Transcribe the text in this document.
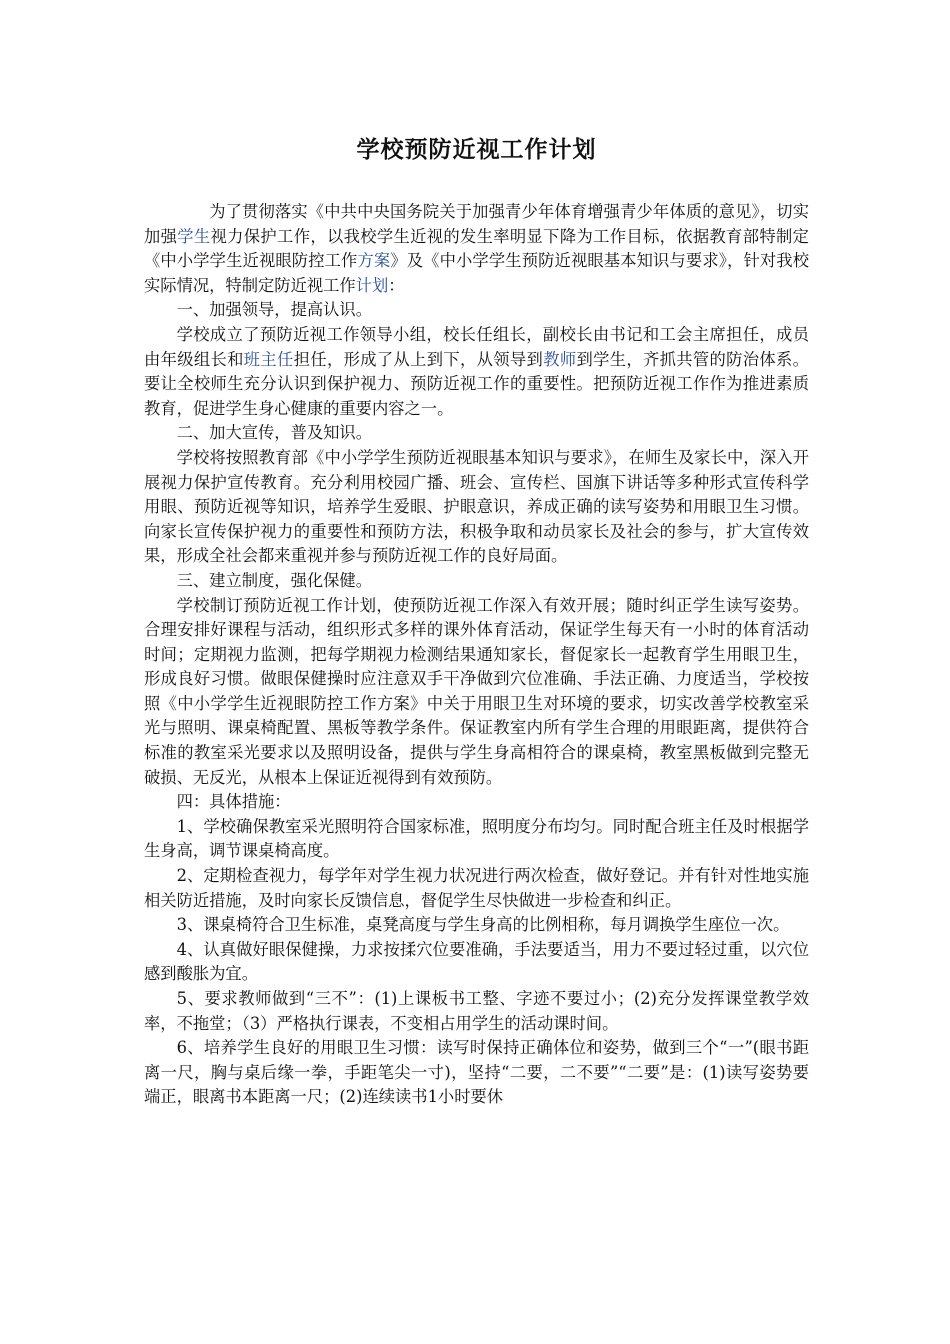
学校预防近视工作计划

为了贯彻落实《中共中央国务院关于加强青少年体育增强青少年体质的意见》，切实加强学生视力保护工作，以我校学生近视的发生率明显下降为工作目标，依据教育部特制定《中小学学生近视眼防控工作方案》及《中小学学生预防近视眼基本知识与要求》，针对我校实际情况，特制定防近视工作计划：

一、加强领导，提高认识。

学校成立了预防近视工作领导小组，校长任组长，副校长由书记和工会主席担任，成员由年级组长和班主任担任，形成了从上到下，从领导到教师到学生，齐抓共管的防治体系。要让全校师生充分认识到保护视力、预防近视工作的重要性。把预防近视工作作为推进素质教育，促进学生身心健康的重要内容之一。

二、加大宣传，普及知识。

学校将按照教育部《中小学学生预防近视眼基本知识与要求》，在师生及家长中，深入开展视力保护宣传教育。充分利用校园广播、班会、宣传栏、国旗下讲话等多种形式宣传科学用眼、预防近视等知识，培养学生爱眼、护眼意识，养成正确的读写姿势和用眼卫生习惯。向家长宣传保护视力的重要性和预防方法，积极争取和动员家长及社会的参与，扩大宣传效果，形成全社会都来重视并参与预防近视工作的良好局面。

三、建立制度，强化保健。

学校制订预防近视工作计划，使预防近视工作深入有效开展；随时纠正学生读写姿势。合理安排好课程与活动，组织形式多样的课外体育活动，保证学生每天有一小时的体育活动时间；定期视力监测，把每学期视力检测结果通知家长，督促家长一起教育学生用眼卫生，形成良好习惯。做眼保健操时应注意双手干净做到穴位准确、手法正确、力度适当，学校按照《中小学学生近视眼防控工作方案》中关于用眼卫生对环境的要求，切实改善学校教室采光与照明、课桌椅配置、黑板等教学条件。保证教室内所有学生合理的用眼距离，提供符合标准的教室采光要求以及照明设备，提供与学生身高相符合的课桌椅，教室黑板做到完整无破损、无反光，从根本上保证近视得到有效预防。

四：具体措施：

1、学校确保教室采光照明符合国家标准，照明度分布均匀。同时配合班主任及时根据学生身高，调节课桌椅高度。

2、定期检查视力，每学年对学生视力状况进行两次检查，做好登记。并有针对性地实施相关防近措施，及时向家长反馈信息，督促学生尽快做进一步检查和纠正。

3、课桌椅符合卫生标准，桌凳高度与学生身高的比例相称，每月调换学生座位一次。

4、认真做好眼保健操，力求按揉穴位要准确，手法要适当，用力不要过轻过重，以穴位感到酸胀为宜。

5、要求教师做到“三不”：(1)上课板书工整、字迹不要过小；(2)充分发挥课堂教学效率，不拖堂；（3）严格执行课表，不变相占用学生的活动课时间。

6、培养学生良好的用眼卫生习惯：读写时保持正确体位和姿势，做到三个“一”(眼书距离一尺，胸与桌后缘一拳，手距笔尖一寸)，坚持“二要，二不要”“二要”是：(1)读写姿势要端正，眼离书本距离一尺；(2)连续读书1小时要休
